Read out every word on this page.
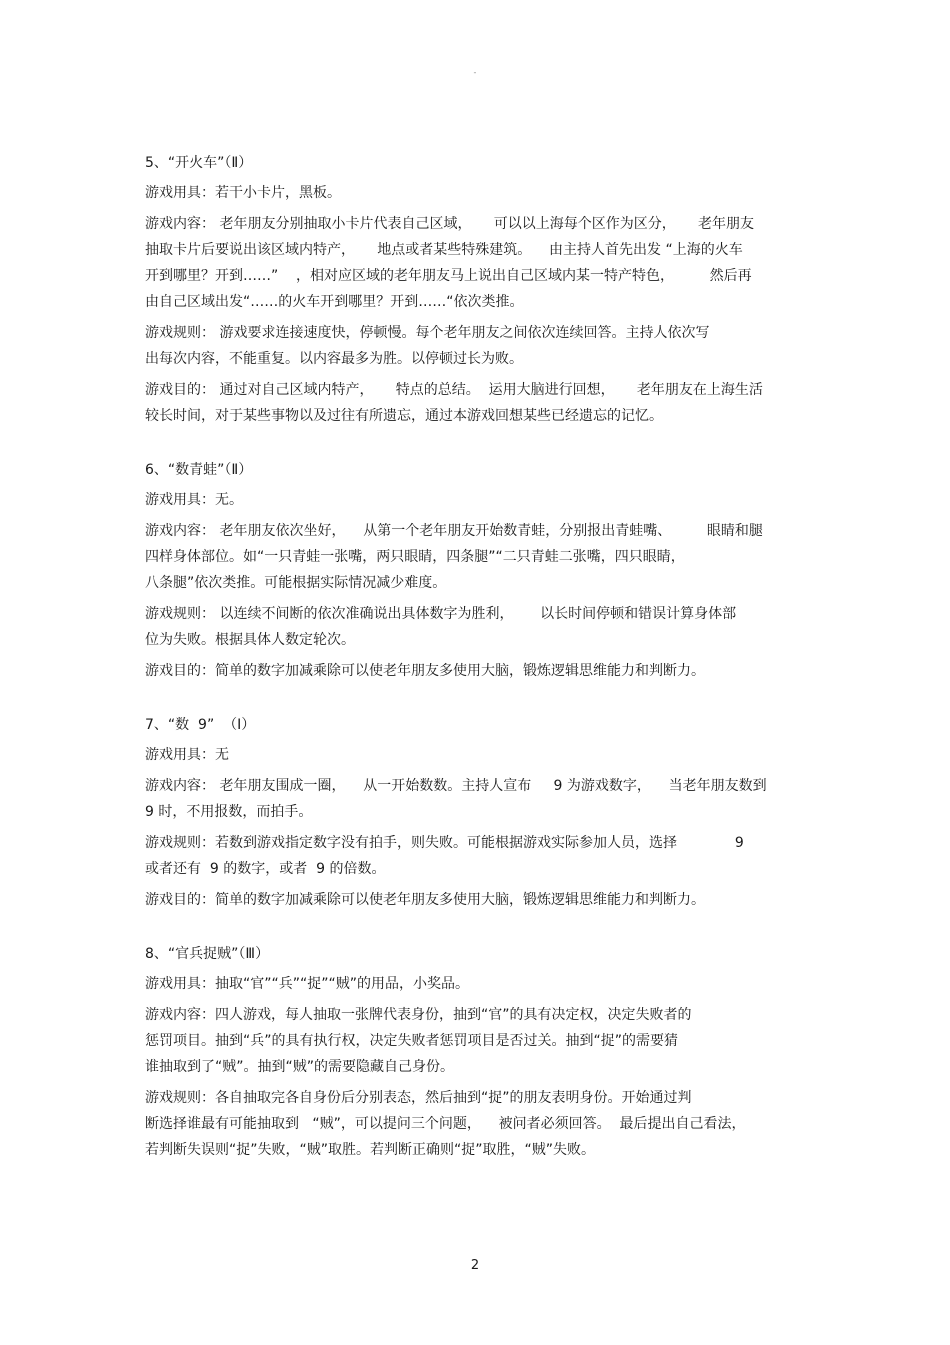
-
5、“开火车”（Ⅱ）
游戏用具：若干小卡片，黑板。
游戏内容： 老年朋友分别抽取小卡片代表自己区域，     可以以上海每个区作为区分，     老年朋友
抽取卡片后要说出该区域内特产，     地点或者某些特殊建筑。    由主持人首先出发 “上海的火车
开到哪里？开到……”    ，相对应区域的老年朋友马上说出自己区域内某一特产特色，        然后再
由自己区域出发“……的火车开到哪里？开到……“依次类推。
游戏规则： 游戏要求连接速度快，停顿慢。每个老年朋友之间依次连续回答。主持人依次写
出每次内容，不能重复。以内容最多为胜。以停顿过长为败。
游戏目的： 通过对自己区域内特产，     特点的总结。  运用大脑进行回想，     老年朋友在上海生活
较长时间，对于某些事物以及过往有所遗忘，通过本游戏回想某些已经遗忘的记忆。
6、“数青蛙”（Ⅱ）
游戏用具：无。
游戏内容： 老年朋友依次坐好，    从第一个老年朋友开始数青蛙，分别报出青蛙嘴、        眼睛和腿
四样身体部位。如“一只青蛙一张嘴，两只眼睛，四条腿”“二只青蛙二张嘴，四只眼睛，
八条腿”依次类推。可能根据实际情况减少难度。
游戏规则： 以连续不间断的依次准确说出具体数字为胜利，      以长时间停顿和错误计算身体部
位为失败。根据具体人数定轮次。
游戏目的：简单的数字加减乘除可以使老年朋友多使用大脑，锻炼逻辑思维能力和判断力。
7、“数  9”  （Ⅰ）
游戏用具：无
游戏内容： 老年朋友围成一圈，    从一开始数数。主持人宣布     9 为游戏数字，    当老年朋友数到
9 时，不用报数，而拍手。
游戏规则：若数到游戏指定数字没有拍手，则失败。可能根据游戏实际参加人员，选择             9
或者还有  9 的数字，或者  9 的倍数。
游戏目的：简单的数字加减乘除可以使老年朋友多使用大脑，锻炼逻辑思维能力和判断力。
8、“官兵捉贼”（Ⅲ）
游戏用具：抽取“官”“兵”“捉”“贼”的用品，小奖品。
游戏内容：四人游戏，每人抽取一张牌代表身份，抽到“官”的具有决定权，决定失败者的
惩罚项目。抽到“兵”的具有执行权，决定失败者惩罚项目是否过关。抽到“捉”的需要猜
谁抽取到了“贼”。抽到“贼”的需要隐藏自己身份。
游戏规则：各自抽取完各自身份后分别表态，然后抽到“捉”的朋友表明身份。开始通过判
断选择谁最有可能抽取到   “贼”，可以提问三个问题，    被问者必须回答。  最后提出自己看法，
若判断失误则“捉”失败，“贼”取胜。若判断正确则“捉”取胜，“贼”失败。
2
